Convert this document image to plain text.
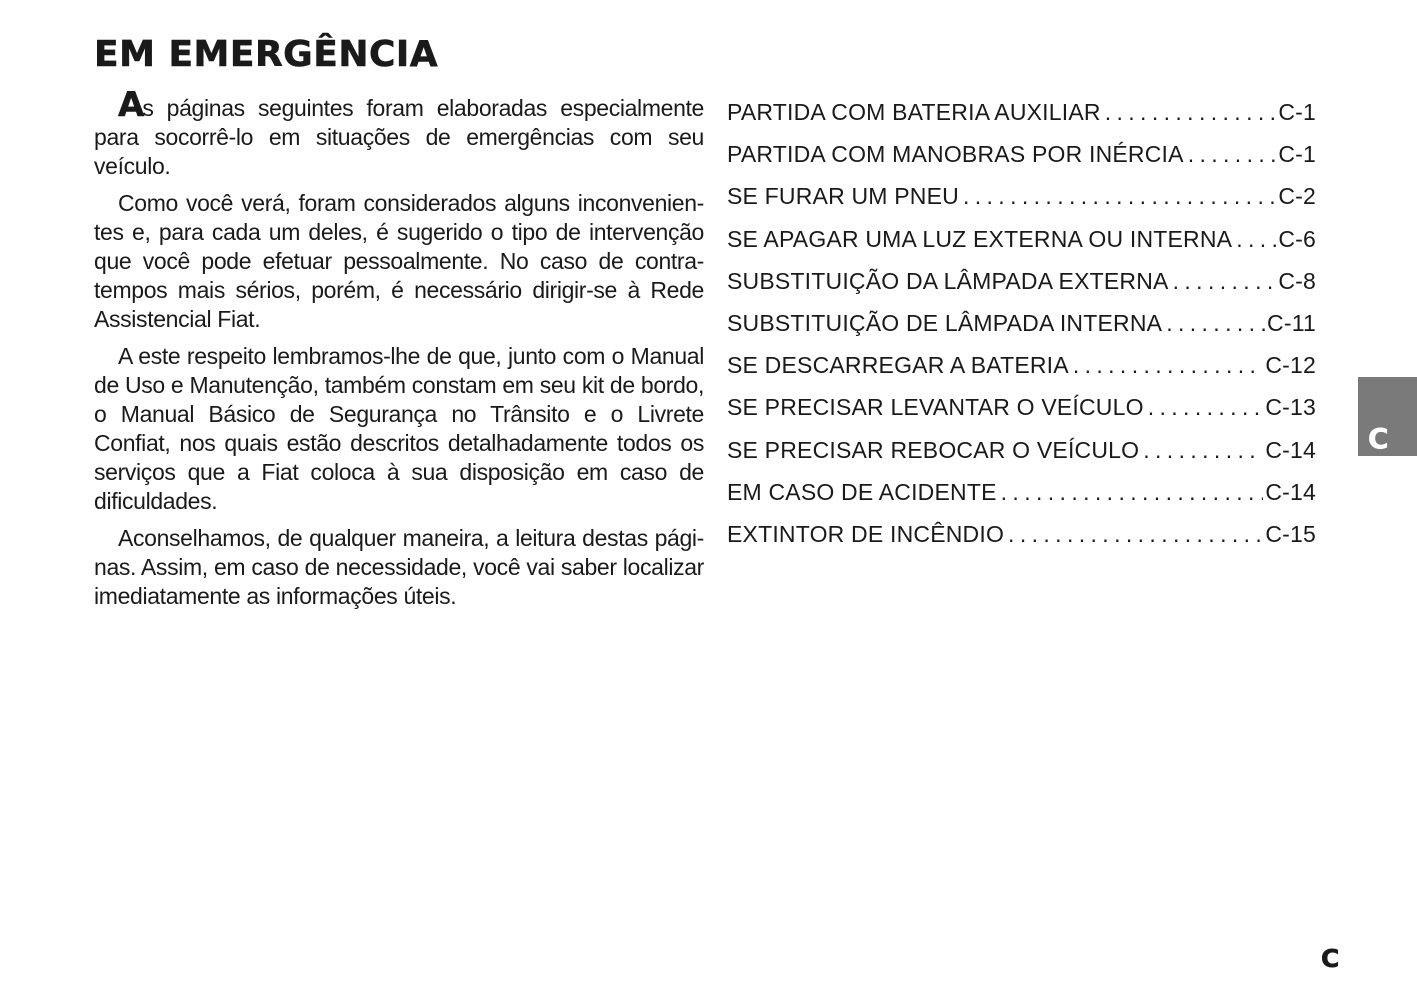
EM EMERGÊNCIA

As páginas seguintes foram elaboradas especialmente para socorrê-lo em situações de emergências com seu veículo.

Como você verá, foram considerados alguns inconvenien-tes e, para cada um deles, é sugerido o tipo de intervenção que você pode efetuar pessoalmente. No caso de contra-tempos mais sérios, porém, é necessário dirigir-se à Rede Assistencial Fiat.

A este respeito lembramos-lhe de que, junto com o Manual de Uso e Manutenção, também constam em seu kit de bordo, o Manual Básico de Segurança no Trânsito e o Livrete Confiat, nos quais estão descritos detalhadamente todos os serviços que a Fiat coloca à sua disposição em caso de dificuldades.

Aconselhamos, de qualquer maneira, a leitura destas pági-nas. Assim, em caso de necessidade, você vai saber localizar imediatamente as informações úteis.

PARTIDA COM BATERIA AUXILIAR . . .	C-1
PARTIDA COM MANOBRAS POR INÉRCIA . . .	C-1
SE FURAR UM PNEU . . .	C-2
SE APAGAR UMA LUZ EXTERNA OU INTERNA . . . C-6
SUBSTITUIÇÃO DA LÂMPADA EXTERNA . . .	C-8
SUBSTITUIÇÃO DE LÂMPADA INTERNA . . .	C-11
SE DESCARREGAR A BATERIA . . .	C-12
SE PRECISAR LEVANTAR O VEÍCULO . . .	C-13
SE PRECISAR REBOCAR O VEÍCULO . . .	C-14
EM CASO DE ACIDENTE . . .	C-14
EXTINTOR DE INCÊNDIO . . .	C-15
C
C
